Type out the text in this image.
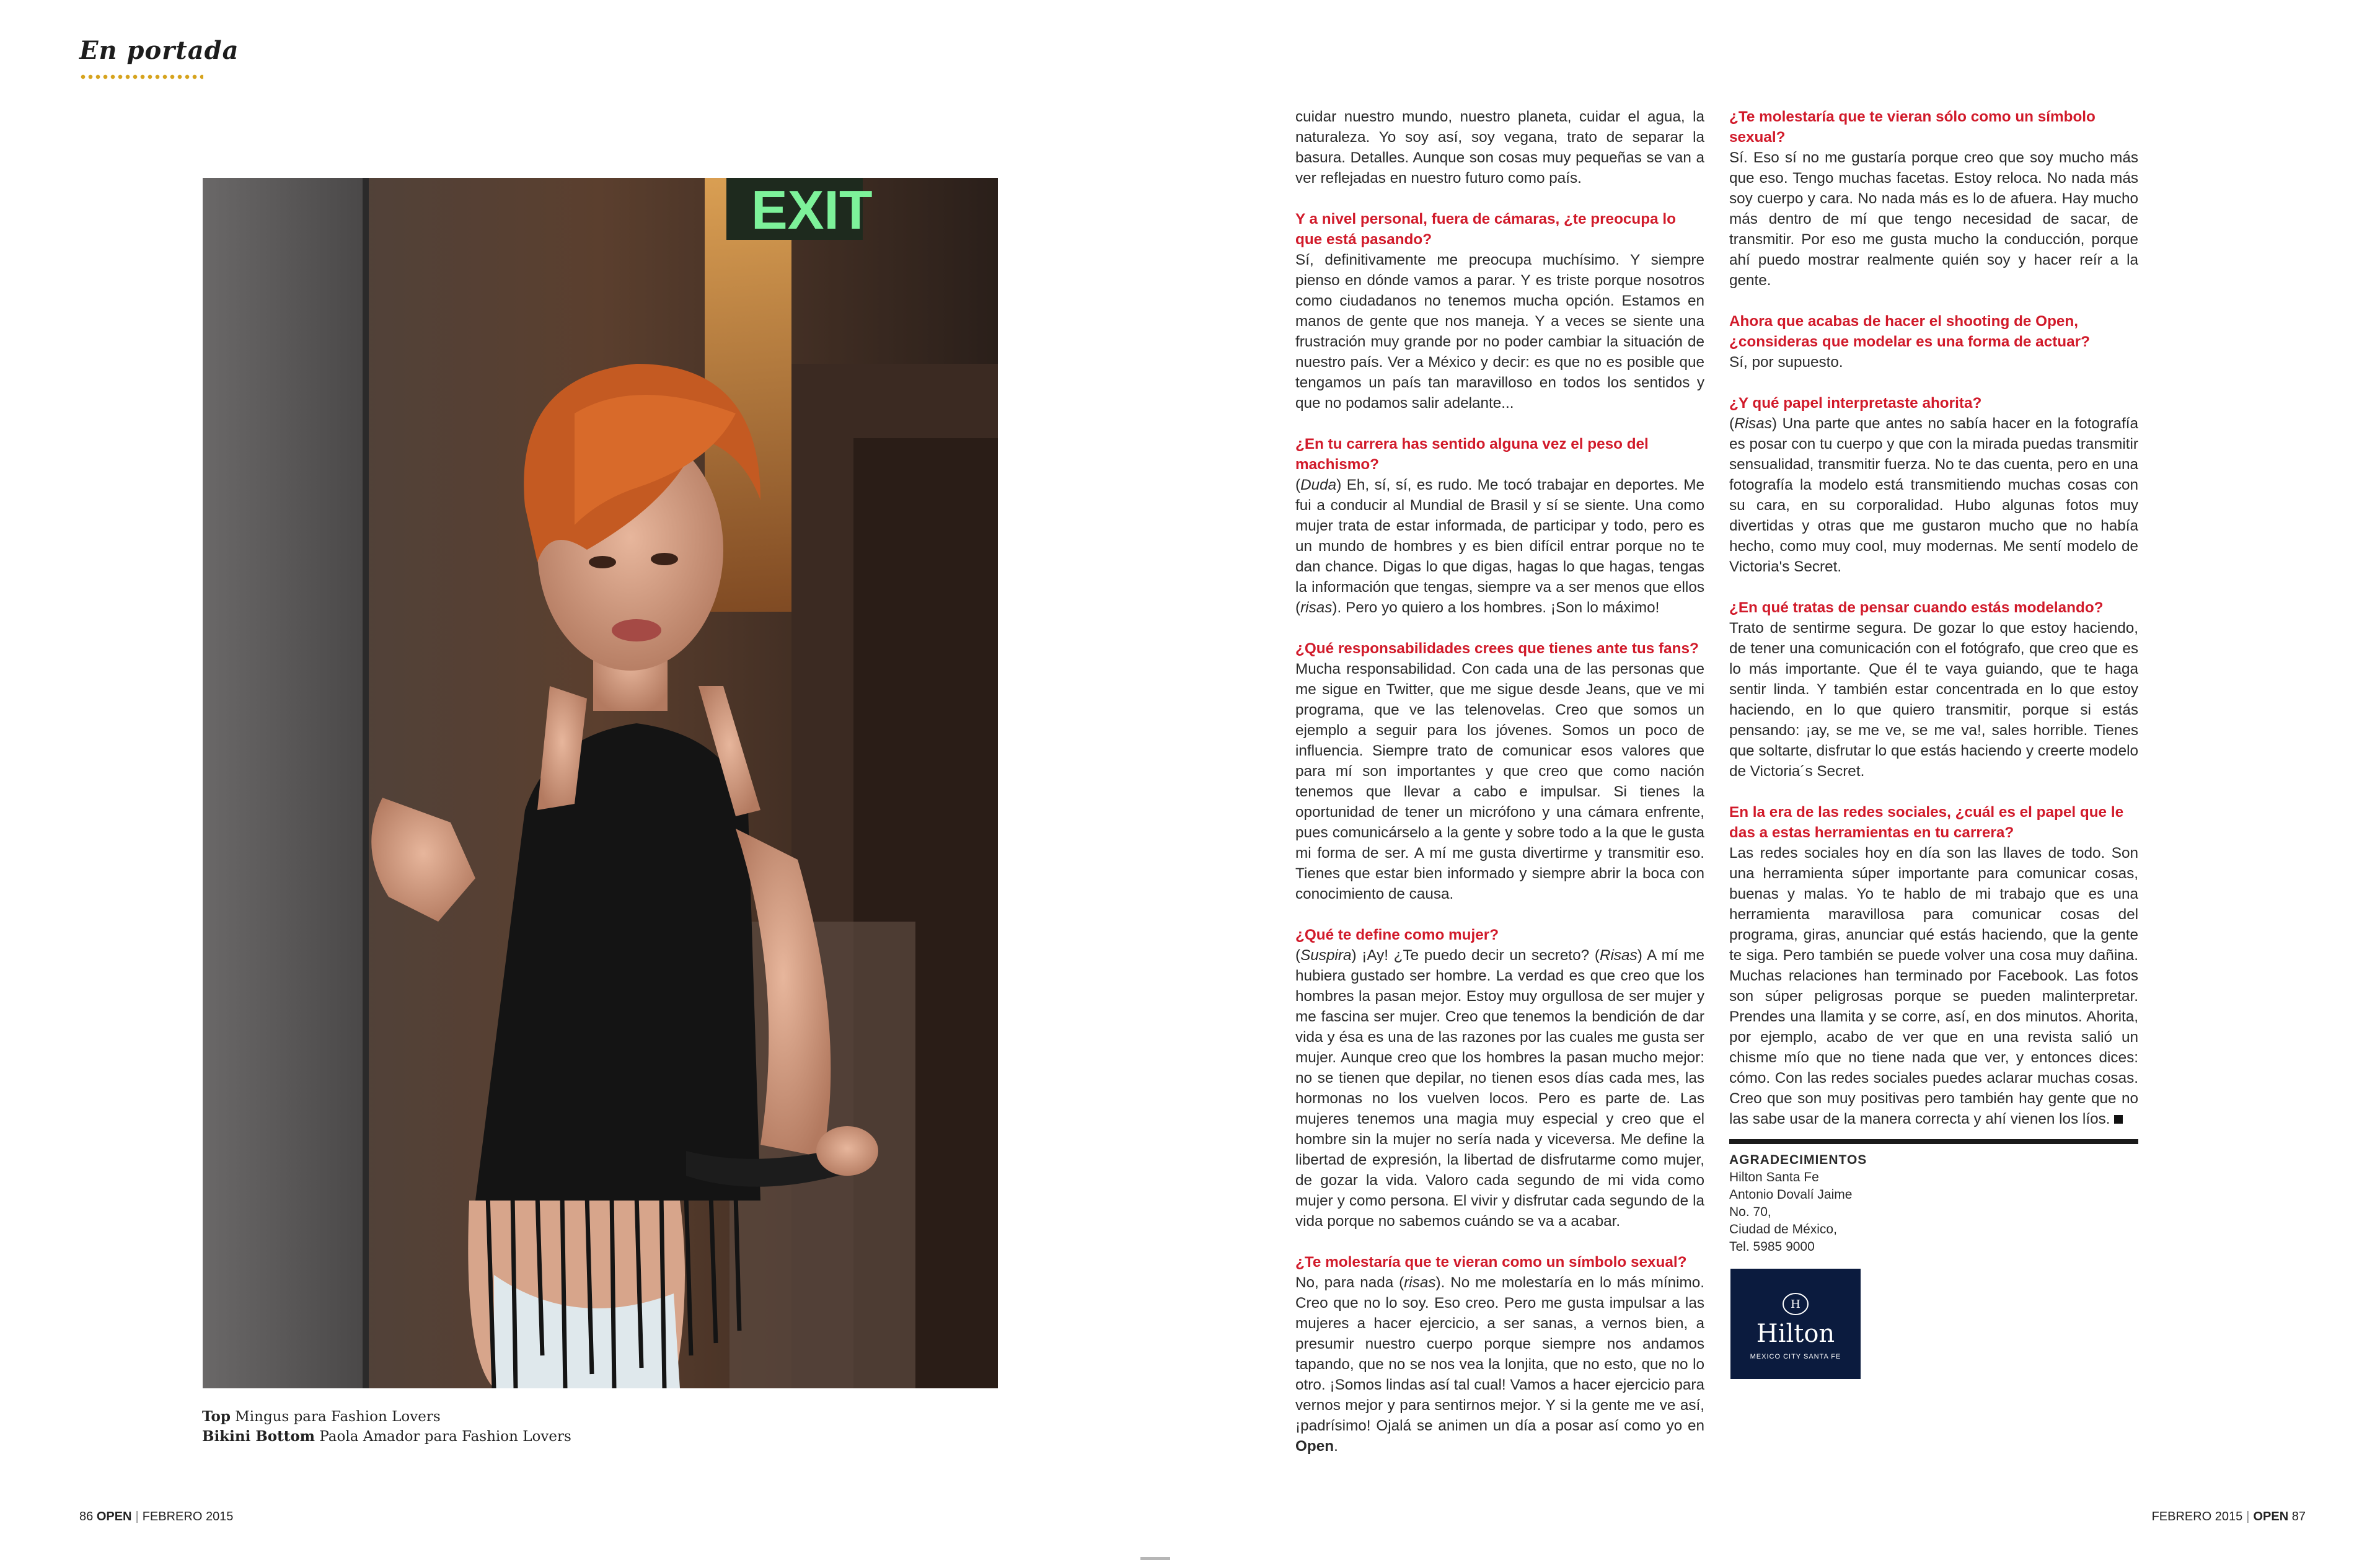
En portada
EXIT
Top Mingus para Fashion Lovers
Bikini Bottom Paola Amador para Fashion Lovers

cuidar nuestro mundo, nuestro planeta, cuidar el agua, la naturaleza. Yo soy así, soy vegana, trato de separar la basura. Detalles. Aunque son cosas muy pequeñas se van a ver reflejadas en nuestro futuro como país.

Y a nivel personal, fuera de cámaras, ¿te preocupa lo que está pasando?
Sí, definitivamente me preocupa muchísimo. Y siempre pienso en dónde vamos a parar. Y es triste porque nosotros como ciudadanos no tenemos mucha opción. Estamos en manos de gente que nos maneja. Y a veces se siente una frustración muy grande por no poder cambiar la situación de nuestro país. Ver a México y decir: es que no es posible que tengamos un país tan maravilloso en todos los sentidos y que no podamos salir adelante...

¿En tu carrera has sentido alguna vez el peso del machismo?
(Duda) Eh, sí, sí, es rudo. Me tocó trabajar en deportes. Me fui a conducir al Mundial de Brasil y sí se siente. Una como mujer trata de estar informada, de participar y todo, pero es un mundo de hombres y es bien difícil entrar porque no te dan chance. Digas lo que digas, hagas lo que hagas, tengas la información que tengas, siempre va a ser menos que ellos (risas). Pero yo quiero a los hombres. ¡Son lo máximo!

¿Qué responsabilidades crees que tienes ante tus fans?
Mucha responsabilidad. Con cada una de las personas que me sigue en Twitter, que me sigue desde Jeans, que ve mi programa, que ve las telenovelas. Creo que somos un ejemplo a seguir para los jóvenes. Somos un poco de influencia. Siempre trato de comunicar esos valores que para mí son importantes y que creo que como nación tenemos que llevar a cabo e impulsar. Si tienes la oportunidad de tener un micrófono y una cámara enfrente, pues comunicárselo a la gente y sobre todo a la que le gusta mi forma de ser. A mí me gusta divertirme y transmitir eso. Tienes que estar bien informado y siempre abrir la boca con conocimiento de causa.

¿Qué te define como mujer?
(Suspira) ¡Ay! ¿Te puedo decir un secreto? (Risas) A mí me hubiera gustado ser hombre. La verdad es que creo que los hombres la pasan mejor. Estoy muy orgullosa de ser mujer y me fascina ser mujer. Creo que tenemos la bendición de dar vida y ésa es una de las razones por las cuales me gusta ser mujer. Aunque creo que los hombres la pasan mucho mejor: no se tienen que depilar, no tienen esos días cada mes, las hormonas no los vuelven locos. Pero es parte de. Las mujeres tenemos una magia muy especial y creo que el hombre sin la mujer no sería nada y viceversa. Me define la libertad de expresión, la libertad de disfrutarme como mujer, de gozar la vida. Valoro cada segundo de mi vida como mujer y como persona. El vivir y disfrutar cada segundo de la vida porque no sabemos cuándo se va a acabar.

¿Te molestaría que te vieran como un símbolo sexual?
No, para nada (risas). No me molestaría en lo más mínimo. Creo que no lo soy. Eso creo. Pero me gusta impulsar a las mujeres a hacer ejercicio, a ser sanas, a vernos bien, a presumir nuestro cuerpo porque siempre nos andamos tapando, que no se nos vea la lonjita, que no esto, que no lo otro. ¡Somos lindas así tal cual! Vamos a hacer ejercicio para vernos mejor y para sentirnos mejor. Y si la gente me ve así, ¡padrísimo! Ojalá se animen un día a posar así como yo en Open.

¿Te molestaría que te vieran sólo como un símbolo sexual?
Sí. Eso sí no me gustaría porque creo que soy mucho más que eso. Tengo muchas facetas. Estoy reloca. No nada más soy cuerpo y cara. No nada más es lo de afuera. Hay mucho más dentro de mí que tengo necesidad de sacar, de transmitir. Por eso me gusta mucho la conducción, porque ahí puedo mostrar realmente quién soy y hacer reír a la gente.

Ahora que acabas de hacer el shooting de Open, ¿consideras que modelar es una forma de actuar?
Sí, por supuesto.

¿Y qué papel interpretaste ahorita?
(Risas) Una parte que antes no sabía hacer en la fotografía es posar con tu cuerpo y que con la mirada puedas transmitir sensualidad, transmitir fuerza. No te das cuenta, pero en una fotografía la modelo está transmitiendo muchas cosas con su cara, en su corporalidad. Hubo algunas fotos muy divertidas y otras que me gustaron mucho que no había hecho, como muy cool, muy modernas. Me sentí modelo de Victoria's Secret.

¿En qué tratas de pensar cuando estás modelando?
Trato de sentirme segura. De gozar lo que estoy haciendo, de tener una comunicación con el fotógrafo, que creo que es lo más importante. Que él te vaya guiando, que te haga sentir linda. Y también estar concentrada en lo que estoy haciendo, en lo que quiero transmitir, porque si estás pensando: ¡ay, se me ve, se me va!, sales horrible. Tienes que soltarte, disfrutar lo que estás haciendo y creerte modelo de Victoria´s Secret.

En la era de las redes sociales, ¿cuál es el papel que le das a estas herramientas en tu carrera?
Las redes sociales hoy en día son las llaves de todo. Son una herramienta súper importante para comunicar cosas, buenas y malas. Yo te hablo de mi trabajo que es una herramienta maravillosa para comunicar cosas del programa, giras, anunciar qué estás haciendo, que la gente te siga. Pero también se puede volver una cosa muy dañina. Muchas relaciones han terminado por Facebook. Las fotos son súper peligrosas porque se pueden malinterpretar. Prendes una llamita y se corre, así, en dos minutos. Ahorita, por ejemplo, acabo de ver que en una revista salió un chisme mío que no tiene nada que ver, y entonces dices: cómo. Con las redes sociales puedes aclarar muchas cosas. Creo que son muy positivas pero también hay gente que no las sabe usar de la manera correcta y ahí vienen los líos.

AGRADECIMIENTOS
Hilton Santa Fe
Antonio Dovalí Jaime
No. 70,
Ciudad de México,
Tel. 5985 9000
H
Hilton
MEXICO CITY SANTA FE
86 OPEN | FEBRERO 2015	FEBRERO 2015 | OPEN 87
